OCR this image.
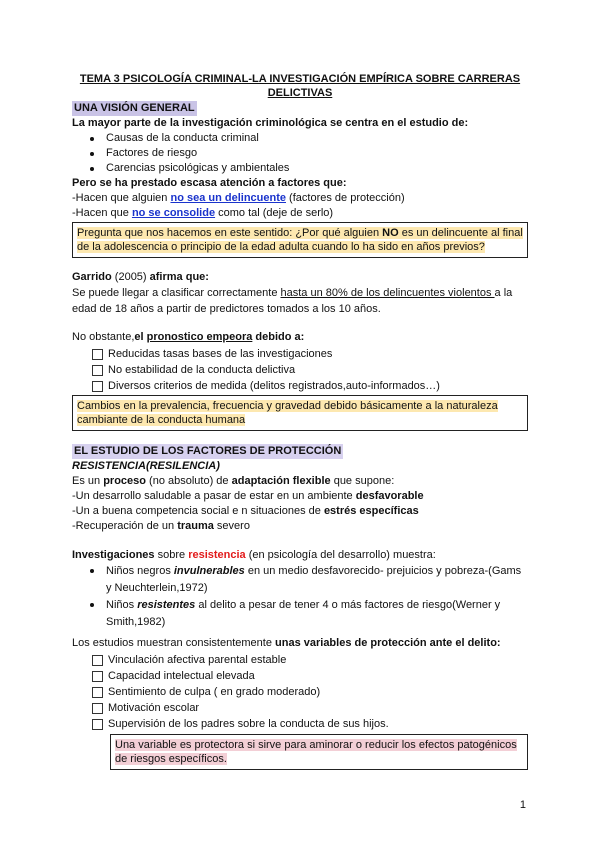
TEMA 3 PSICOLOGÍA CRIMINAL-LA INVESTIGACIÓN EMPÍRICA SOBRE CARRERAS DELICTIVAS
UNA VISIÓN GENERAL
La mayor parte de la investigación criminológica se centra en el estudio de:
Causas de la conducta criminal
Factores de riesgo
Carencias psicológicas y ambientales
Pero se ha prestado escasa atención a factores que:
-Hacen que alguien no sea un delincuente (factores de protección)
-Hacen que no se consolide como tal (deje de serlo)
Pregunta que nos hacemos en este sentido: ¿Por qué alguien NO es un delincuente al final de la adolescencia o principio de la edad adulta cuando lo ha sido en años previos?
Garrido (2005) afirma que:
Se puede llegar a clasificar correctamente hasta un 80% de los delincuentes violentos a la edad de 18 años a partir de predictores tomados a los 10 años.
No obstante,el pronostico empeora debido a:
Reducidas tasas bases de las investigaciones
No estabilidad de la conducta delictiva
Diversos criterios de medida (delitos registrados,auto-informados…)
Cambios en la prevalencia, frecuencia y gravedad debido básicamente a la naturaleza cambiante de la conducta humana
EL ESTUDIO DE LOS FACTORES DE PROTECCIÓN
RESISTENCIA(RESILENCIA)
Es un proceso (no absoluto) de adaptación flexible que supone:
-Un desarrollo saludable a pasar de estar en un ambiente desfavorable
-Un a buena competencia social e n situaciones de estrés específicas
-Recuperación de un trauma severo
Investigaciones sobre resistencia (en psicología del desarrollo) muestra:
Niños negros invulnerables en un medio desfavorecido- prejuicios y pobreza-(Gams y Neuchterlein,1972)
Niños resistentes al delito a pesar de tener 4 o más factores de riesgo(Werner y Smith,1982)
Los estudios muestran consistentemente unas variables de protección ante el delito:
Vinculación afectiva parental estable
Capacidad intelectual elevada
Sentimiento de culpa ( en grado moderado)
Motivación escolar
Supervisión de los padres sobre la conducta de sus hijos.
Una variable es protectora si sirve para aminorar o reducir los efectos patogénicos de riesgos específicos.
1
